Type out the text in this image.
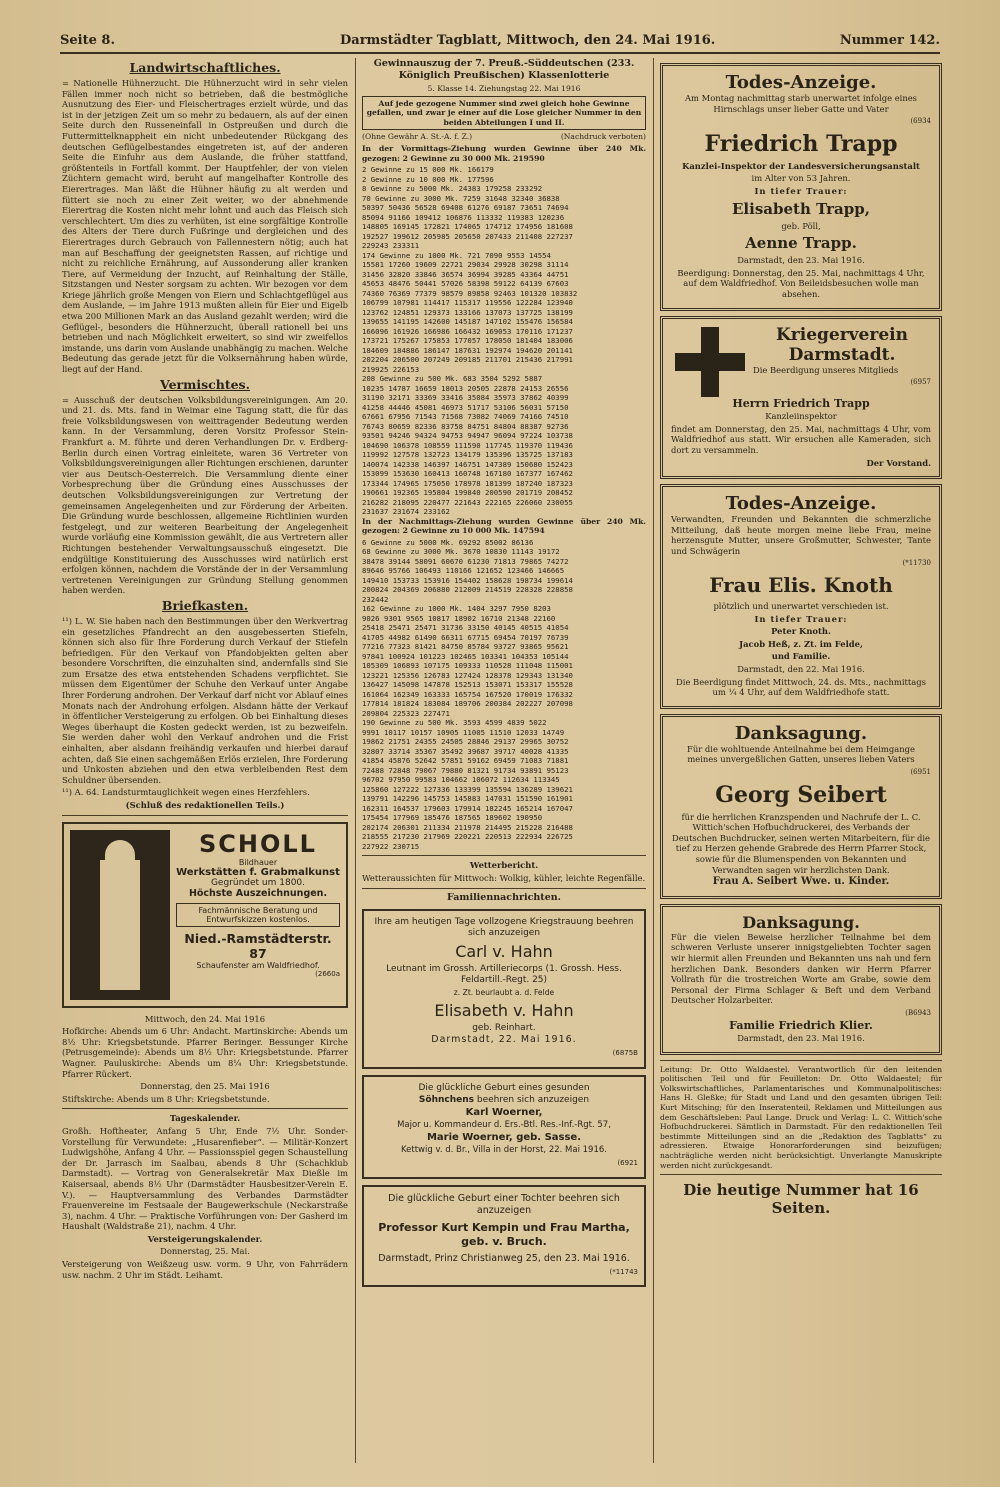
Seite 8.	Darmstädter Tagblatt, Mittwoch, den 24. Mai 1916.	Nummer 142.
Landwirtschaftliches.

= Nationelle Hühnerzucht. Die Hühnerzucht wird in sehr vielen Fällen immer noch nicht so betrieben, daß die bestmögliche Ausnutzung des Eier- und Fleischertrages erzielt würde, und das ist in der jetzigen Zeit um so mehr zu bedauern, als auf der einen Seite durch den Russeneinfall in Ostpreußen und durch die Futtermittelknappheit ein nicht unbedeutender Rückgang des deutschen Geflügelbestandes eingetreten ist, auf der anderen Seite die Einfuhr aus dem Auslande, die früher stattfand, größtenteils in Fortfall kommt. Der Hauptfehler, der von vielen Züchtern gemacht wird, beruht auf mangelhafter Kontrolle des Eierertrages. Man läßt die Hühner häufig zu alt werden und füttert sie noch zu einer Zeit weiter, wo der abnehmende Eierertrag die Kosten nicht mehr lohnt und auch das Fleisch sich verschlechtert. Um dies zu verhüten, ist eine sorgfältige Kontrolle des Alters der Tiere durch Fußringe und dergleichen und des Eierertrages durch Gebrauch von Fallennestern nötig; auch hat man auf Beschaffung der geeignetsten Rassen, auf richtige und nicht zu reichliche Ernährung, auf Aussonderung aller kranken Tiere, auf Vermeidung der Inzucht, auf Reinhaltung der Ställe, Sitzstangen und Nester sorgsam zu achten. Wir bezogen vor dem Kriege jährlich große Mengen von Eiern und Schlachtgeflügel aus dem Auslande, — im Jahre 1913 mußten allein für Eier und Eigelb etwa 200 Millionen Mark an das Ausland gezahlt werden; wird die Geflügel-, besonders die Hühnerzucht, überall rationell bei uns betrieben und nach Möglichkeit erweitert, so sind wir zweifellos imstande, uns darin vom Auslande unabhängig zu machen. Welche Bedeutung das gerade jetzt für die Volksernährung haben würde, liegt auf der Hand.

Vermischtes.

= Ausschuß der deutschen Volksbildungsvereinigungen. Am 20. und 21. ds. Mts. fand in Weimar eine Tagung statt, die für das freie Volksbildungswesen von weittragender Bedeutung werden kann. In der Versammlung, deren Vorsitz Professor Stein-Frankfurt a. M. führte und deren Verhandlungen Dr. v. Erdberg-Berlin durch einen Vortrag einleitete, waren 36 Vertreter von Volksbildungsvereinigungen aller Richtungen erschienen, darunter vier aus Deutsch-Oesterreich. Die Versammlung diente einer Vorbesprechung über die Gründung eines Ausschusses der deutschen Volksbildungsvereinigungen zur Vertretung der gemeinsamen Angelegenheiten und zur Förderung der Arbeiten. Die Gründung wurde beschlossen, allgemeine Richtlinien wurden festgelegt, und zur weiteren Bearbeitung der Angelegenheit wurde vorläufig eine Kommission gewählt, die aus Vertretern aller Richtungen bestehender Verwaltungsausschuß eingesetzt. Die endgültige Konstituierung des Ausschusses wird natürlich erst erfolgen können, nachdem die Vorstände der in der Versammlung vertretenen Vereinigungen zur Gründung Stellung genommen haben werden.

Briefkasten.

¹¹) L. W. Sie haben nach den Bestimmungen über den Werkvertrag ein gesetzliches Pfandrecht an den ausgebesserten Stiefeln, können sich also für Ihre Forderung durch Verkauf der Stiefeln befriedigen. Für den Verkauf von Pfandobjekten gelten aber besondere Vorschriften, die einzuhalten sind, andernfalls sind Sie zum Ersatze des etwa entstehenden Schadens verpflichtet. Sie müssen dem Eigentümer der Schuhe den Verkauf unter Angabe Ihrer Forderung androhen. Der Verkauf darf nicht vor Ablauf eines Monats nach der Androhung erfolgen. Alsdann hätte der Verkauf in öffentlicher Versteigerung zu erfolgen. Ob bei Einhaltung dieses Weges überhaupt die Kosten gedeckt werden, ist zu bezweifeln. Sie werden daher wohl den Verkauf androhen und die Frist einhalten, aber alsdann freihändig verkaufen und hierbei darauf achten, daß Sie einen sachgemäßen Erlös erzielen, Ihre Forderung und Unkosten abziehen und den etwa verbleibenden Rest dem Schuldner übersenden.

¹¹) A. 64. Landsturmtauglichkeit wegen eines Herzfehlers.

(Schluß des redaktionellen Teils.)

SCHOLL
Bildhauer
Werkstätten f. Grabmalkunst
Gegründet um 1800.
Höchste Auszeichnungen.
Fachmännische Beratung und Entwurfskizzen kostenlos.
Nied.-Ramstädterstr. 87
Schaufenster am Waldfriedhof.
(2660a

Mittwoch, den 24. Mai 1916

Hofkirche: Abends um 6 Uhr: Andacht. Martinskirche: Abends um 8½ Uhr: Kriegsbetstunde. Pfarrer Beringer. Bessunger Kirche (Petrusgemeinde): Abends um 8½ Uhr: Kriegsbetstunde. Pfarrer Wagner. Pauluskirche: Abends um 8¼ Uhr: Kriegsbetstunde. Pfarrer Rückert.

Donnerstag, den 25. Mai 1916

Stiftskirche: Abends um 8 Uhr: Kriegsbetstunde.

Tageskalender.

Großh. Hoftheater, Anfang 5 Uhr, Ende 7½ Uhr. Sonder-Vorstellung für Verwundete: „Husarenfieber“. — Militär-Konzert Ludwigshöhe, Anfang 4 Uhr. — Passionsspiel gegen Schaustellung der Dr. Jarrasch im Saalbau, abends 8 Uhr (Schachklub Darmstadt). — Vortrag von Generalsekretär Max Dießle im Kaisersaal, abends 8½ Uhr (Darmstädter Hausbesitzer-Verein E. V.). — Hauptversammlung des Verbandes Darmstädter Frauenvereine im Festsaale der Baugewerkschule (Neckarstraße 3), nachm. 4 Uhr. — Praktische Vorführungen von: Der Gasherd im Haushalt (Waldstraße 21), nachm. 4 Uhr.

Versteigerungskalender.

Donnerstag, 25. Mai.

Versteigerung von Weißzeug usw. vorm. 9 Uhr, von Fahrrädern usw. nachm. 2 Uhr im Städt. Leihamt.

Gewinnauszug der 7. Preuß.-Süddeutschen (233. Königlich Preußischen) Klassenlotterie

5. Klasse 14. Ziehungstag 22. Mai 1916

Auf jede gezogene Nummer sind zwei gleich hohe Gewinne gefallen, und zwar je einer auf die Lose gleicher Nummer in den beiden Abteilungen I und II.

(Ohne Gewähr A. St.-A. f. Z.)	(Nachdruck verboten)

In der Vormittags-Ziehung wurden Gewinne über 240 Mk. gezogen: 2 Gewinne zu 30 000 Mk. 219590

2 Gewinne zu 15 000 Mk. 166179
2 Gewinne zu 10 000 Mk. 177596
8 Gewinne zu 5000 Mk. 24383 179258 233292
70 Gewinne zu 3000 Mk. 7259 31648 32340 36838
50397 50436 56528 69408 61276 69187 73651 74694
85094 91166 109412 106876 113332 119383 120236
148805 169145 172821 174065 174712 174956 181608
192527 199612 205985 205650 207433 211408 227237
229243 233311
174 Gewinne zu 1000 Mk. 721 7090 9553 14554
15581 17260 19609 22721 29034 29928 30298 31114
31456 32820 33846 36574 36994 39285 43364 44751
45653 48476 50441 57026 58398 59122 64139 67603
74360 76369 77379 98579 89858 92463 101320 103832
106799 107981 114417 115317 119556 122284 123940
123762 124851 129373 133166 137073 137725 138199
139655 141195 142600 145187 147102 155476 156584
166096 161926 166986 166432 169053 170116 171237
173721 175267 175853 177057 178050 181404 183006
184609 184886 186147 187631 192974 194620 201141
202204 206500 207249 209185 211701 215436 217991
219925 226153
208 Gewinne zu 500 Mk. 683 3504 5292 5887
10235 14787 16659 18013 20505 22878 24153 26556
31190 32171 33369 33416 35084 35973 37862 40399
41258 44446 45081 46973 51717 53106 56031 57150
67661 67956 71543 71568 73082 74069 74166 74510
76743 80659 82336 83758 84751 84804 88387 92736
93501 94246 94324 94753 94947 96094 97224 103738
104690 106378 108559 111590 117745 119370 119436
119992 127578 132723 134179 135396 135725 137183
140074 142338 146397 146751 147389 150680 152423
153099 153630 160413 160748 167180 167377 167462
173344 174965 175050 178978 181399 187240 187323
190661 192365 195804 199840 200590 201719 208452
216282 218095 220477 221643 222165 226060 230055
231637 231674 233162

In der Nachmittags-Ziehung wurden Gewinne über 240 Mk. gezogen: 2 Gewinne zu 10 000 Mk. 147594

6 Gewinne zu 5000 Mk. 69292 85002 86136
68 Gewinne zu 3000 Mk. 3670 10830 11143 19172
38478 39144 58091 60670 61230 71813 79865 74272
89646 95766 106493 110166 121652 123466 146665
149410 153733 153916 154402 158628 198734 199614
200824 204369 206880 212009 214519 228328 228858
232442
162 Gewinne zu 1000 Mk. 1404 3297 7950 8203
9026 9301 9565 10817 18902 16710 21348 22160
25418 25471 25471 31736 33150 40145 40515 41054
41705 44982 61490 66311 67715 69454 70197 76739
77216 77323 81421 84750 85784 93727 93865 95621
97841 100924 101223 102465 103341 104353 105144
105309 106893 107175 109333 110528 111048 115001
123221 125356 126783 127424 128378 129343 131340
136427 145098 147878 152513 153071 153317 155528
161064 162349 163333 165754 167520 170019 176332
177814 181824 183084 189706 200384 202227 207098
209804 225323 227471
190 Gewinne zu 500 Mk. 3593 4599 4839 5022
9991 10117 10157 10905 11005 11510 12033 14749
19862 21751 24355 24505 28846 29137 29965 30752
32807 33714 35367 35492 39687 39717 40028 41335
41854 45876 52642 57851 59162 69459 71083 71881
72488 72848 79067 79880 81321 91734 93891 95123
96702 97950 99583 104662 106072 112634 113345
125860 127222 127336 133399 135594 136289 139621
139791 142296 145753 145883 147031 151590 161901
162311 164537 179603 179914 182245 165214 167047
175454 177969 185476 187565 189602 190950
202174 206301 211334 211978 214495 215228 216488
218555 217230 217969 220221 220513 222934 226725
227922 230715

Wetterbericht.

Wetteraussichten für Mittwoch: Wolkig, kühler, leichte Regenfälle.

Familiennachrichten.

Ihre am heutigen Tage vollzogene Kriegstrauung beehren sich anzuzeigen

Carl v. Hahn

Leutnant im Grossh. Artilleriecorps (1. Grossh. Hess. Feldartill.-Regt. 25)

z. Zt. beurlaubt a. d. Felde

Elisabeth v. Hahn

geb. Reinhart.

Darmstadt, 22. Mai 1916.

(6875B

Die glückliche Geburt eines gesunden

Söhnchens beehren sich anzuzeigen

Karl Woerner,

Major u. Kommandeur d. Ers.-Btl. Res.-Inf.-Rgt. 57,

Marie Woerner, geb. Sasse.

Kettwig v. d. Br., Villa in der Horst, 22. Mai 1916.

(6921

Die glückliche Geburt einer Tochter beehren sich anzuzeigen

Professor Kurt Kempin und Frau Martha, geb. v. Bruch.

Darmstadt, Prinz Christianweg 25, den 23. Mai 1916.

(*11743

Todes-Anzeige.

Am Montag nachmittag starb unerwartet infolge eines Hirnschlags unser lieber Gatte und Vater

(6934

Friedrich Trapp

Kanzlei-Inspektor der Landesversicherungsanstalt

im Alter von 53 Jahren.

In tiefer Trauer:

Elisabeth Trapp,

geb. Pöll,

Aenne Trapp.

Darmstadt, den 23. Mai 1916.

Beerdigung: Donnerstag, den 25. Mai, nachmittags 4 Uhr, auf dem Waldfriedhof. Von Beileidsbesuchen wolle man absehen.

Kriegerverein Darmstadt.

Die Beerdigung unseres Mitglieds

(6957

Herrn Friedrich Trapp

Kanzleiinspektor

findet am Donnerstag, den 25. Mai, nachmittags 4 Uhr, vom Waldfriedhof aus statt. Wir ersuchen alle Kameraden, sich dort zu versammeln.

Der Vorstand.

Todes-Anzeige.

Verwandten, Freunden und Bekannten die schmerzliche Mitteilung, daß heute morgen meine liebe Frau, meine herzensgute Mutter, unsere Großmutter, Schwester, Tante und Schwägerin

(*11730

Frau Elis. Knoth

plötzlich und unerwartet verschieden ist.

In tiefer Trauer:

Peter Knoth.

Jacob Heß, z. Zt. im Felde,

und Familie.

Darmstadt, den 22. Mai 1916.

Die Beerdigung findet Mittwoch, 24. ds. Mts., nachmittags um ¼ 4 Uhr, auf dem Waldfriedhofe statt.

Danksagung.

Für die wohltuende Anteilnahme bei dem Heimgange meines unvergeßlichen Gatten, unseres lieben Vaters

(6951

Georg Seibert

für die herrlichen Kranzspenden und Nachrufe der L. C. Wittich'schen Hofbuchdruckerei, des Verbands der Deutschen Buchdrucker, seinen werten Mitarbeitern, für die tief zu Herzen gehende Grabrede des Herrn Pfarrer Stock, sowie für die Blumenspenden von Bekannten und Verwandten sagen wir herzlichsten Dank.

Frau A. Seibert Wwe. u. Kinder.

Danksagung.

Für die vielen Beweise herzlicher Teilnahme bei dem schweren Verluste unserer innigstgeliebten Tochter sagen wir hiermit allen Freunden und Bekannten uns nah und fern herzlichen Dank. Besonders danken wir Herrn Pfarrer Vollrath für die trostreichen Worte am Grabe, sowie dem Personal der Firma Schlager & Beft und dem Verband Deutscher Holzarbeiter.

(B6943

Familie Friedrich Klier.

Darmstadt, den 23. Mai 1916.

Leitung: Dr. Otto Waldaestel. Verantwortlich für den leitenden politischen Teil und für Feuilleton: Dr. Otto Waldaestel; für Volkswirtschaftliches, Parlamentarisches und Kommunalpolitisches: Hans H. Gleßke; für Stadt und Land und den gesamten übrigen Teil: Kurt Mitsching; für den Inseratenteil, Reklamen und Mitteilungen aus dem Geschäftsleben: Paul Lange. Druck und Verlag: L. C. Wittich'sche Hofbuchdruckerei. Sämtlich in Darmstadt. Für den redaktionellen Teil bestimmte Mitteilungen sind an die „Redaktion des Tagblatts“ zu adressieren. Etwaige Honorarforderungen sind beizufügen; nachträgliche werden nicht berücksichtigt. Unverlangte Manuskripte werden nicht zurückgesandt.

Die heutige Nummer hat 16 Seiten.
